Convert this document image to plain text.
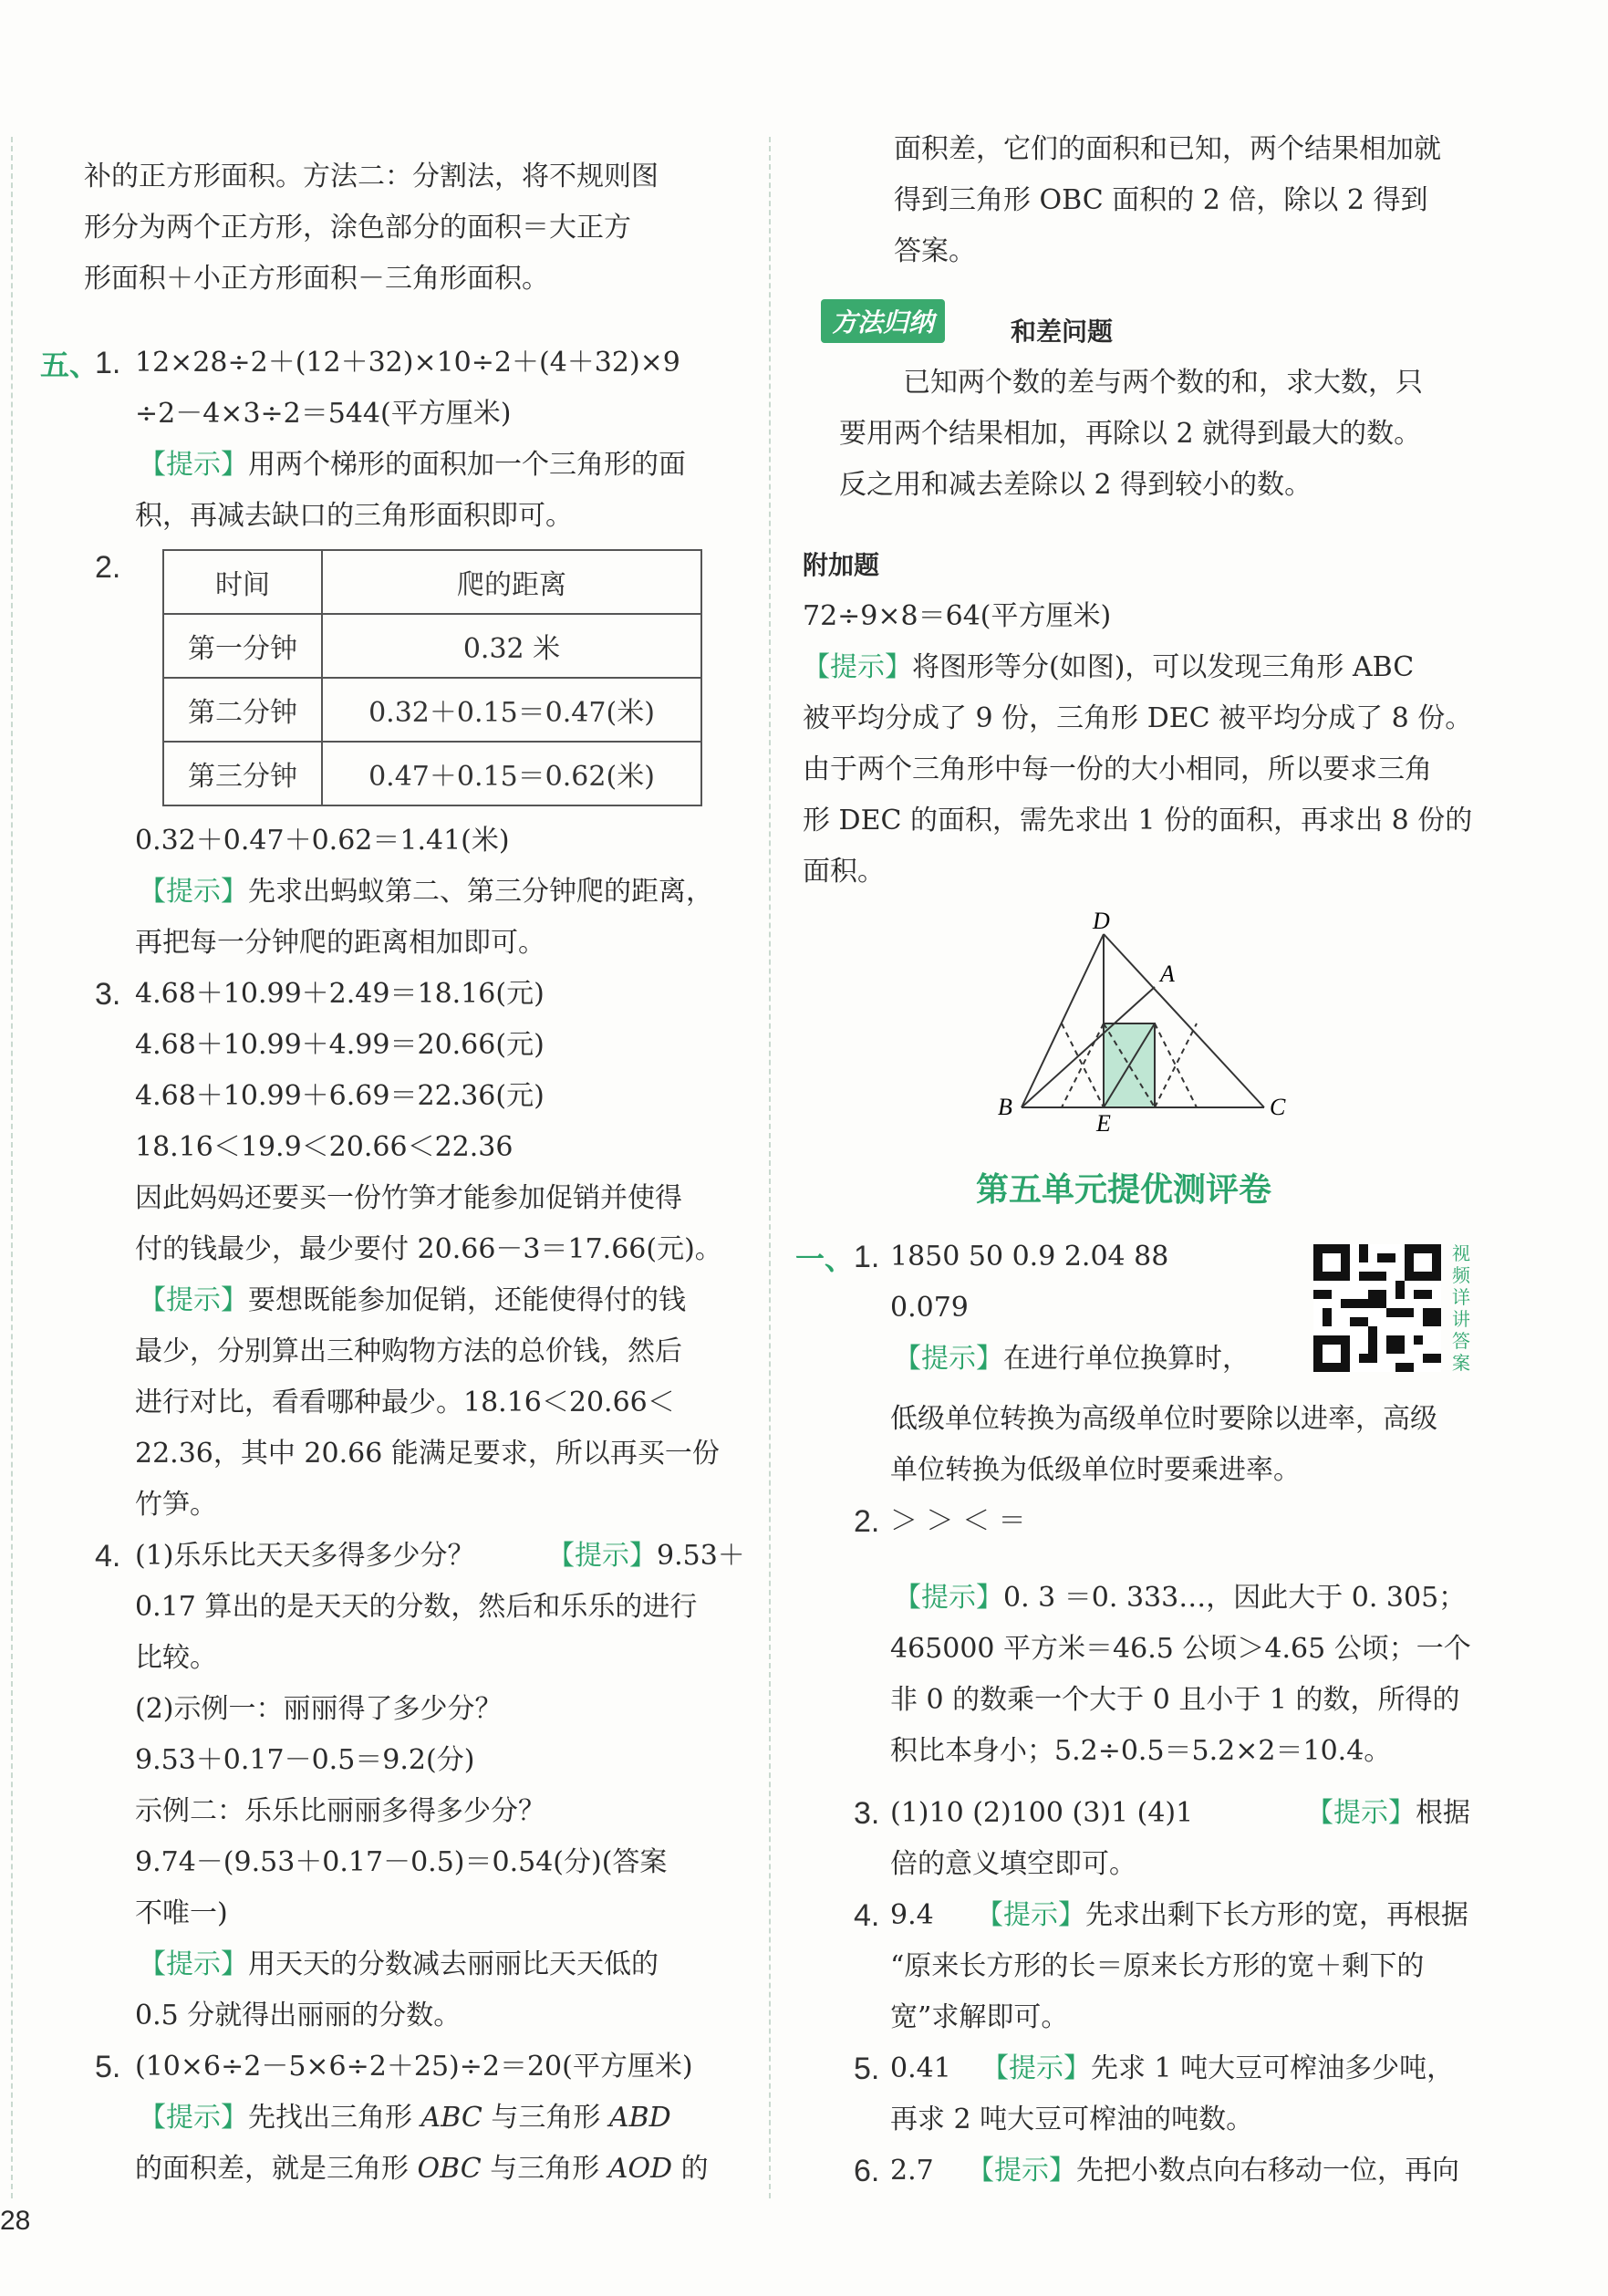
补的正方形面积。方法二：分割法，将不规则图
形分为两个正方形，涂色部分的面积＝大正方
形面积＋小正方形面积－三角形面积。
五、
1. 12×28÷2＋(12＋32)×10÷2＋(4＋32)×9
÷2－4×3÷2＝544(平方厘米)
【提示】用两个梯形的面积加一个三角形的面
积，再减去缺口的三角形面积即可。
2.
时间	爬的距离
第一分钟	0.32 米
第二分钟	0.32＋0.15＝0.47(米)
第三分钟	0.47＋0.15＝0.62(米)
0.32＋0.47＋0.62＝1.41(米)
【提示】先求出蚂蚁第二、第三分钟爬的距离，
再把每一分钟爬的距离相加即可。
3. 4.68＋10.99＋2.49＝18.16(元)
4.68＋10.99＋4.99＝20.66(元)
4.68＋10.99＋6.69＝22.36(元)
18.16＜19.9＜20.66＜22.36
因此妈妈还要买一份竹笋才能参加促销并使得
付的钱最少，最少要付 20.66－3＝17.66(元)。
【提示】要想既能参加促销，还能使得付的钱
最少，分别算出三种购物方法的总价钱，然后
进行对比，看看哪种最少。18.16＜20.66＜
22.36，其中 20.66 能满足要求，所以再买一份
竹笋。
4. (1)乐乐比天天多得多少分？	【提示】9.53＋
0.17 算出的是天天的分数，然后和乐乐的进行
比较。
(2)示例一：丽丽得了多少分？
9.53＋0.17－0.5＝9.2(分)
示例二：乐乐比丽丽多得多少分？
9.74－(9.53＋0.17－0.5)＝0.54(分)(答案
不唯一)
【提示】用天天的分数减去丽丽比天天低的
0.5 分就得出丽丽的分数。
5. (10×6÷2－5×6÷2＋25)÷2＝20(平方厘米)
【提示】先找出三角形 ABC 与三角形 ABD
的面积差，就是三角形 OBC 与三角形 AOD 的
28
面积差，它们的面积和已知，两个结果相加就
得到三角形 OBC 面积的 2 倍，除以 2 得到
答案。
方法归纳	和差问题
已知两个数的差与两个数的和，求大数，只
要用两个结果相加，再除以 2 就得到最大的数。
反之用和减去差除以 2 得到较小的数。
附加题
72÷9×8＝64(平方厘米)
【提示】将图形等分(如图)，可以发现三角形 ABC
被平均分成了 9 份，三角形 DEC 被平均分成了 8 份。
由于两个三角形中每一份的大小相同，所以要求三角
形 DEC 的面积，需先求出 1 份的面积，再求出 8 份的
面积。
D
A
B
E
C
第五单元提优测评卷
一、 1. 1850 50 0.9 2.04 88
0.079
【提示】在进行单位换算时，
低级单位转换为高级单位时要除以进率，高级
单位转换为低级单位时要乘进率。
视频详讲答案
2. ＞ ＞ ＜ ＝
【提示】0. 3 ＝0. 333…，因此大于 0. 305；
465000 平方米＝46.5 公顷＞4.65 公顷；一个
非 0 的数乘一个大于 0 且小于 1 的数，所得的
积比本身小；5.2÷0.5＝5.2×2＝10.4。
3. (1)10 (2)100 (3)1 (4)1	【提示】根据
倍的意义填空即可。
4. 9.4 【提示】先求出剩下长方形的宽，再根据
“原来长方形的长＝原来长方形的宽＋剩下的
宽”求解即可。
5. 0.41 【提示】先求 1 吨大豆可榨油多少吨，
再求 2 吨大豆可榨油的吨数。
6. 2.7 【提示】先把小数点向右移动一位，再向
